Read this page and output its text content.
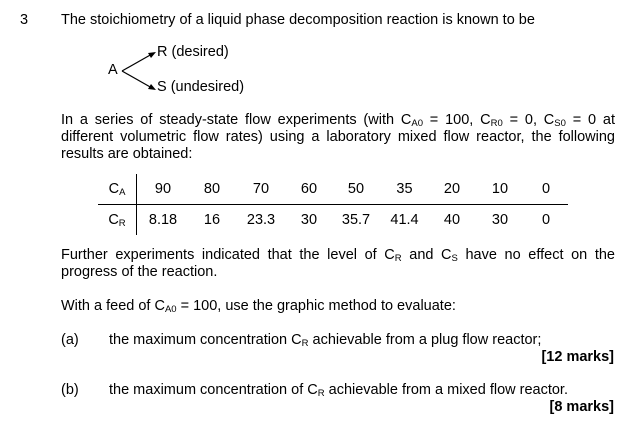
3 The stoichiometry of a liquid phase decomposition reaction is known to be
A
R (desired)
S (undesired)
In a series of steady-state flow experiments (with $C_{A0} = 100$, $C_{R0} = 0$, $C_{S0} = 0$ at
different volumetric flow rates) using a laboratory mixed flow reactor, the following
results are obtained:
$C_A$	90	80	70	60	50	35	20	10	0
$C_R$	8.18	16	23.3	30	35.7	41.4	40	30	0
Further experiments indicated that the level of $C_R$ and $C_S$ have no effect on the
progress of the reaction.
With a feed of $C_{A0} = 100$, use the graphic method to evaluate:
(a) the maximum concentration $C_R$ achievable from a plug flow reactor;
[12 marks]
(b) the maximum concentration of $C_R$ achievable from a mixed flow reactor.
[8 marks]
